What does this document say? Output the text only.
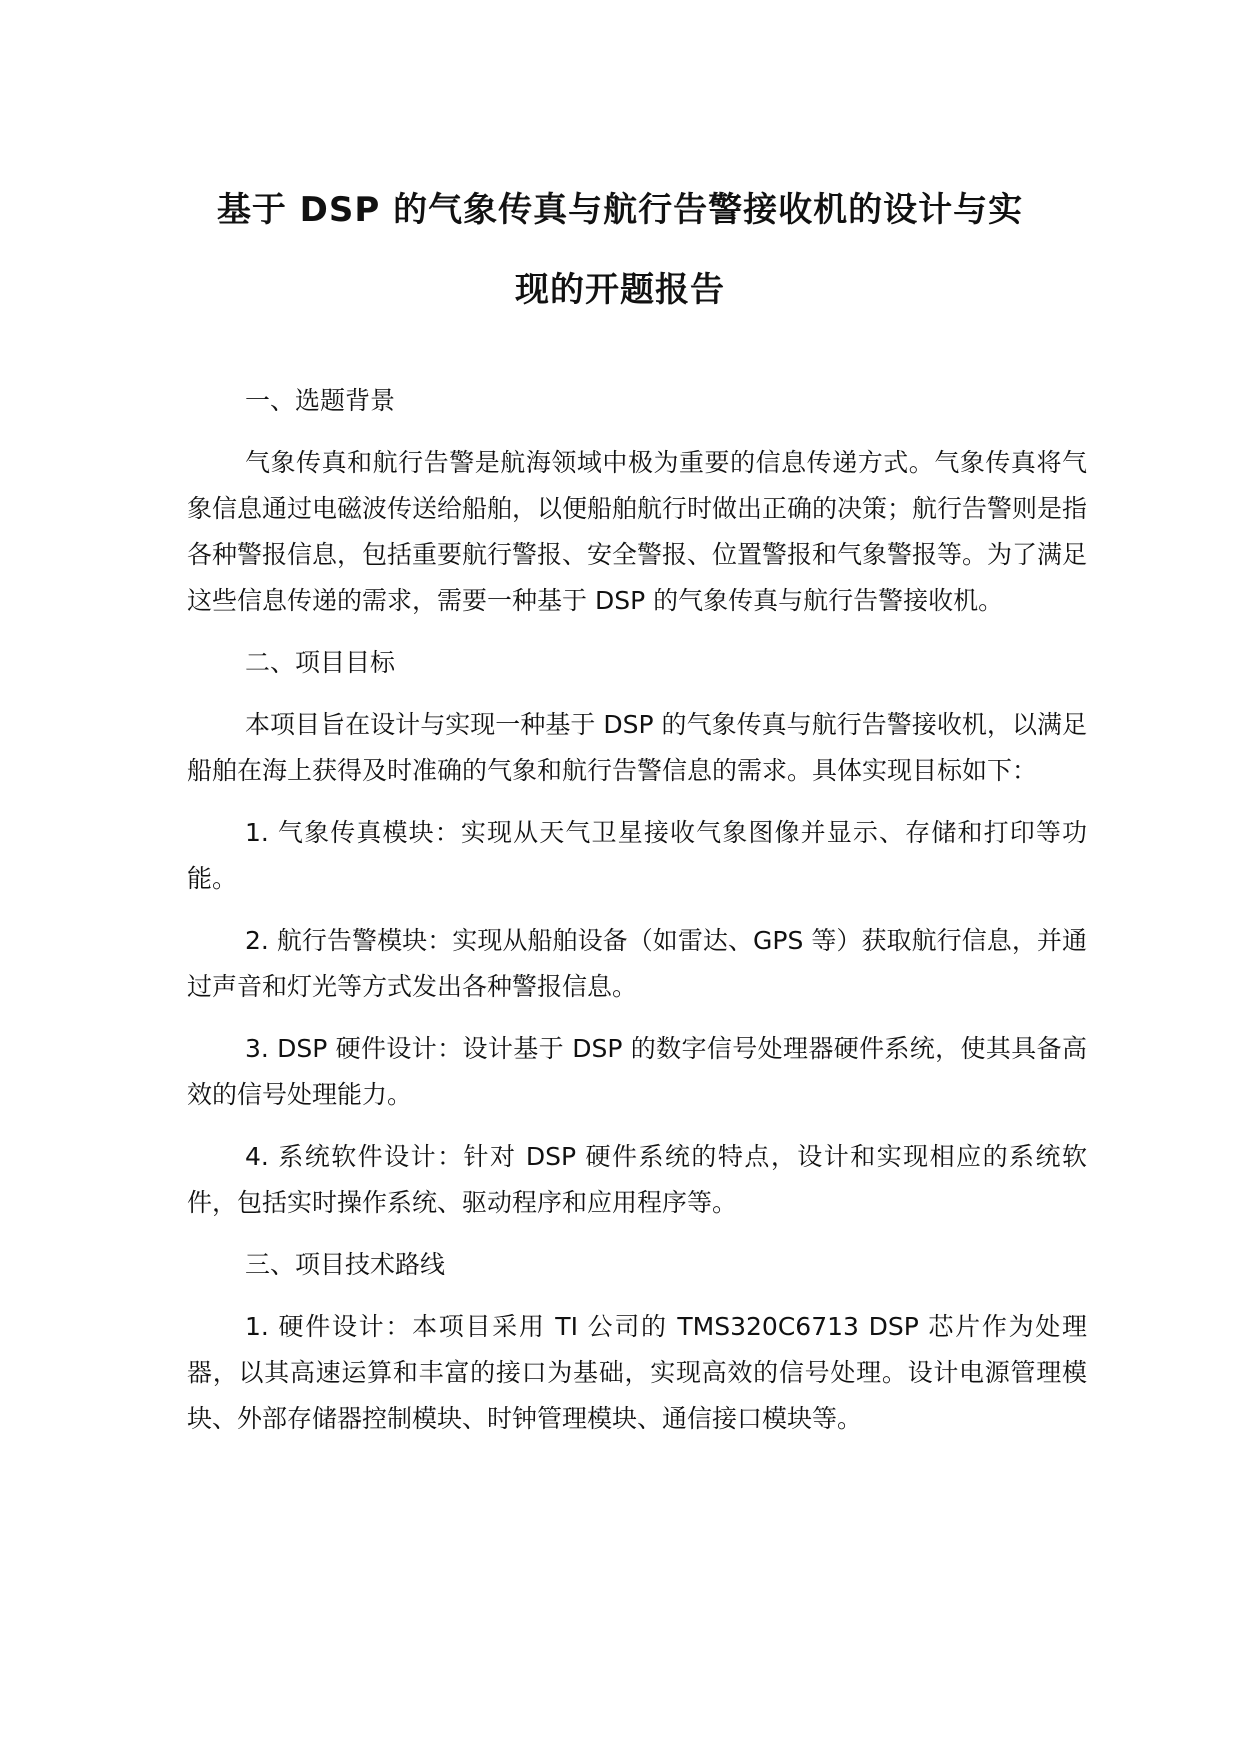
基于 DSP 的气象传真与航行告警接收机的设计与实
现的开题报告

一、选题背景

气象传真和航行告警是航海领域中极为重要的信息传递方式。气象传真将气象信息通过电磁波传送给船舶，以便船舶航行时做出正确的决策；航行告警则是指各种警报信息，包括重要航行警报、安全警报、位置警报和气象警报等。为了满足这些信息传递的需求，需要一种基于 DSP 的气象传真与航行告警接收机。

二、项目目标

本项目旨在设计与实现一种基于 DSP 的气象传真与航行告警接收机，以满足船舶在海上获得及时准确的气象和航行告警信息的需求。具体实现目标如下：

1. 气象传真模块：实现从天气卫星接收气象图像并显示、存储和打印等功能。

2. 航行告警模块：实现从船舶设备（如雷达、GPS 等）获取航行信息，并通过声音和灯光等方式发出各种警报信息。

3. DSP 硬件设计：设计基于 DSP 的数字信号处理器硬件系统，使其具备高效的信号处理能力。

4. 系统软件设计：针对 DSP 硬件系统的特点，设计和实现相应的系统软件，包括实时操作系统、驱动程序和应用程序等。

三、项目技术路线

1. 硬件设计：本项目采用 TI 公司的 TMS320C6713 DSP 芯片作为处理器，以其高速运算和丰富的接口为基础，实现高效的信号处理。设计电源管理模块、外部存储器控制模块、时钟管理模块、通信接口模块等。
